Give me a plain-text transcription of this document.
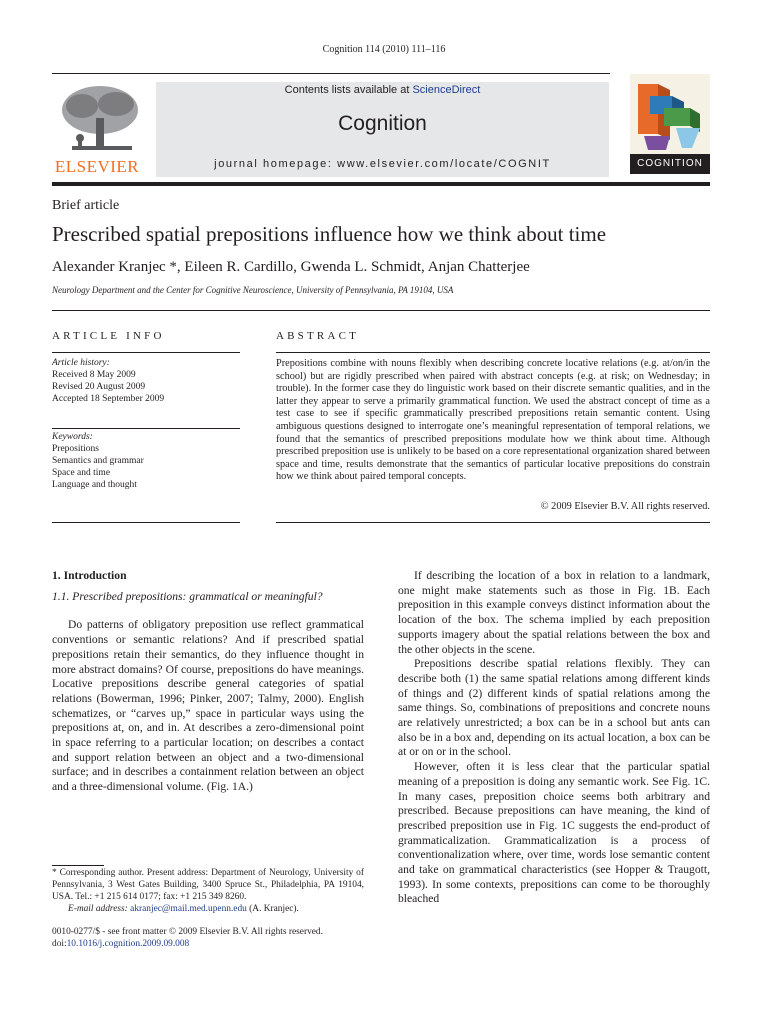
Cognition 114 (2010) 111–116
ELSEVIER
Contents lists available at ScienceDirect
Cognition
journal homepage: www.elsevier.com/locate/COGNIT	COGNITION
Brief article
Prescribed spatial prepositions influence how we think about time
Alexander Kranjec *, Eileen R. Cardillo, Gwenda L. Schmidt, Anjan Chatterjee
Neurology Department and the Center for Cognitive Neuroscience, University of Pennsylvania, PA 19104, USA
ARTICLE INFO
Article history:
Received 8 May 2009
Revised 20 August 2009
Accepted 18 September 2009
Keywords:
Prepositions
Semantics and grammar
Space and time
Language and thought
ABSTRACT
Prepositions combine with nouns flexibly when describing concrete locative relations (e.g. at/on/in the school) but are rigidly prescribed when paired with abstract concepts (e.g. at risk; on Wednesday; in trouble). In the former case they do linguistic work based on their discrete semantic qualities, and in the latter they appear to serve a primarily grammatical function. We used the abstract concept of time as a test case to see if specific grammatically prescribed prepositions retain semantic content. Using ambiguous questions designed to interrogate one’s meaningful representation of temporal relations, we found that the semantics of prescribed prepositions modulate how we think about time. Although prescribed preposition use is unlikely to be based on a core representational organization shared between space and time, results demonstrate that the semantics of particular locative prepositions do constrain how we think about paired temporal concepts.
© 2009 Elsevier B.V. All rights reserved.
1. Introduction
1.1. Prescribed prepositions: grammatical or meaningful?

Do patterns of obligatory preposition use reflect grammatical conventions or semantic relations? And if prescribed spatial prepositions retain their semantics, do they influence thought in more abstract domains? Of course, prepositions do have meanings. Locative prepositions describe general categories of spatial relations (Bowerman, 1996; Pinker, 2007; Talmy, 2000). English schematizes, or “carves up,” space in particular ways using the prepositions at, on, and in. At describes a zero-dimensional point in space referring to a particular location; on describes a contact and support relation between an object and a two-dimensional surface; and in describes a containment relation between an object and a three-dimensional volume. (Fig. 1A.)

If describing the location of a box in relation to a landmark, one might make statements such as those in Fig. 1B. Each preposition in this example conveys distinct information about the location of the box. The schema implied by each preposition supports imagery about the spatial relations between the box and the other objects in the scene.

Prepositions describe spatial relations flexibly. They can describe both (1) the same spatial relations among different kinds of things and (2) different kinds of spatial relations among the same things. So, combinations of prepositions and concrete nouns are relatively unrestricted; a box can be in a school but ants can also be in a box and, depending on its actual location, a box can be at or on or in the school.

However, often it is less clear that the particular spatial meaning of a preposition is doing any semantic work. See Fig. 1C. In many cases, preposition choice seems both arbitrary and prescribed. Because prepositions can have meaning, the kind of prescribed preposition use in Fig. 1C suggests the end-product of grammaticalization. Grammaticalization is a process of conventionalization where, over time, words lose semantic content and take on grammatical characteristics (see Hopper & Traugott, 1993). In some contexts, prepositions can come to be thoroughly bleached

* Corresponding author. Present address: Department of Neurology, University of Pennsylvania, 3 West Gates Building, 3400 Spruce St., Philadelphia, PA 19104, USA. Tel.: +1 215 614 0177; fax: +1 215 349 8260.
E-mail address: akranjec@mail.med.upenn.edu (A. Kranjec).
0010-0277/$ - see front matter © 2009 Elsevier B.V. All rights reserved.
doi:10.1016/j.cognition.2009.09.008
